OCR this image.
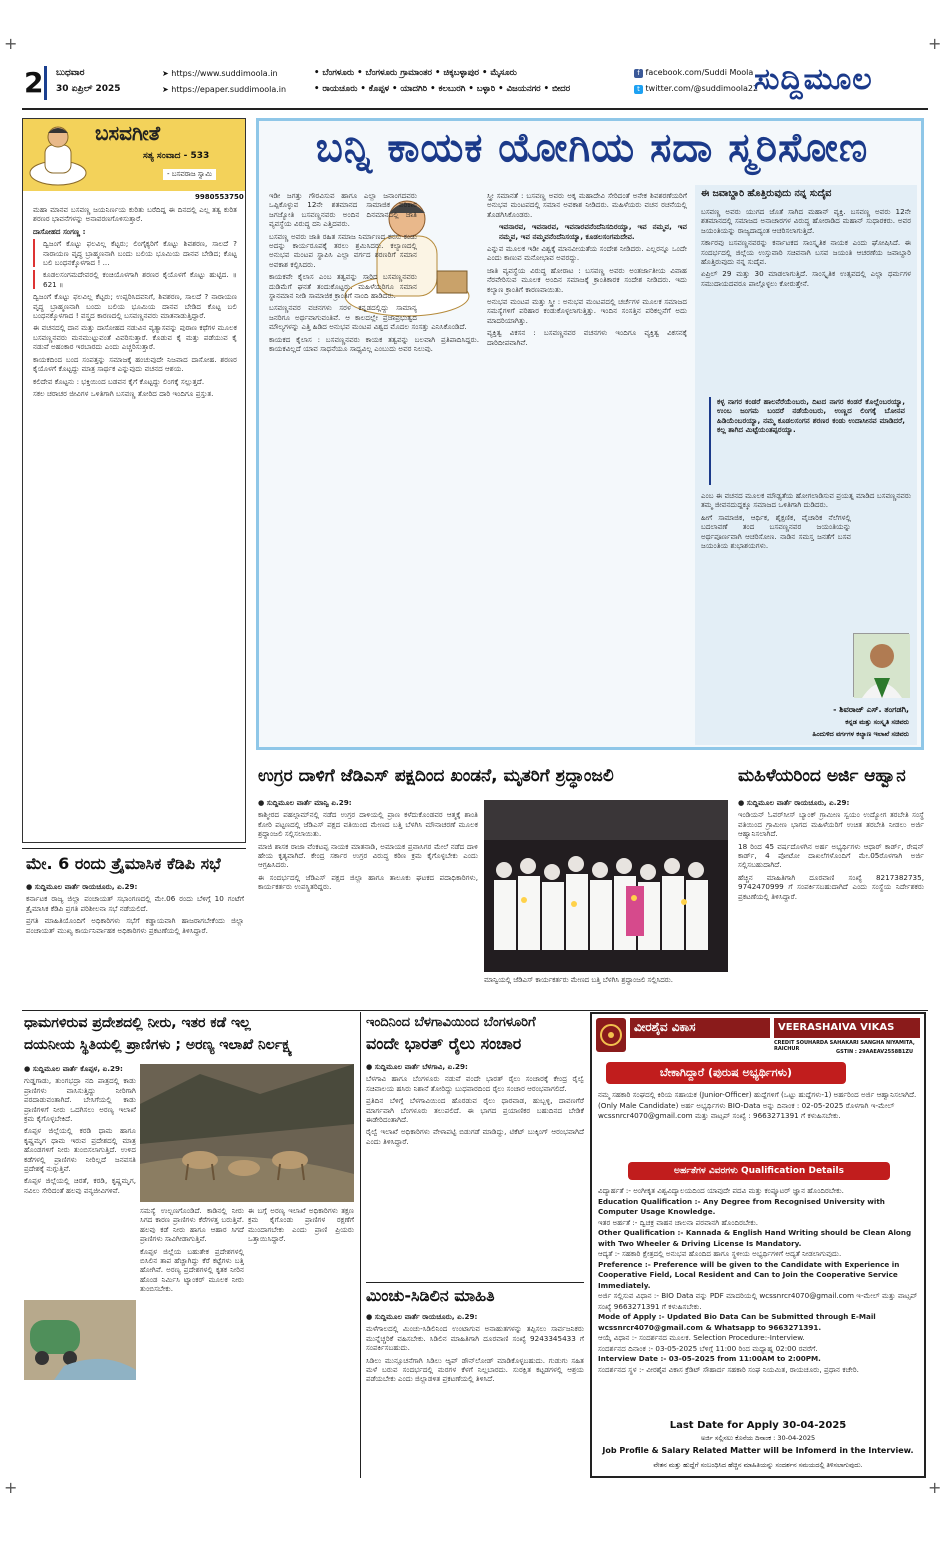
+	+
+	+
2 ಬುಧವಾರ
30 ಏಪ್ರಿಲ್ 2025
➤ https://www.suddimoola.in
➤ https://epaper.suddimoola.in
• ಬೆಂಗಳೂರು • ಬೆಂಗಳೂರು ಗ್ರಾಮಾಂತರ • ಚಿಕ್ಕಬಳ್ಳಾಪುರ • ಮೈಸೂರು
• ರಾಯಚೂರು • ಕೊಪ್ಪಳ • ಯಾದಗಿರಿ • ಕಲಬುರಗಿ • ಬಳ್ಳಾರಿ • ವಿಜಯನಗರ • ಬೀದರ
f facebook.com/Suddi Moola
t twitter.com/@suddimoola22
ಸುದ್ದಿಮೂಲ
ಬಸವಗೀತೆ
ಸತ್ಯ ಸಂವಾದ - 533
- ಬಸವರಾಜ ಸ್ವಾಮಿ
9980553750

ಮಹಾ ಮಾನವ ಬಸವಣ್ಣ ಜಯನಿರ್ಣಯ ಕುರಿತು ಬರೆದಿದ್ದ ಈ ದಿನದಲ್ಲಿ ಎಲ್ಲ ತತ್ವ ಕುರಿತ ಶರಣರ ಭಾವನೆಗಳನ್ನು ಅನಾವರಣಗೊಳಿಸುತ್ತಾರೆ.

ದಾಸೋಹದ ಸಂಗಣ್ಣ :

ದ್ವಿಜಂಗೆ ಕೊಟ್ಟು ಫಲವಿಲ್ಲ ಕೆಟ್ಟರು; ಲಿಂಗೈಕ್ಯರಿಗೆ ಕೊಟ್ಟು ಶಿವಶರಣ, ಸಾಲದೆ ? ನಾರಾಯಣ ವೃದ್ಧ ಬ್ರಾಹ್ಮಣನಾಗಿ ಬಂದು ಬಲಿಯ ಭೂಮಿಯ ದಾನವ ಬೇಡಿದ; ಕೊಟ್ಟ ಬಲಿ ಬಂಧನಕ್ಕೊಳಗಾದ ! ...

ಕೂಡಲಸಂಗಮದೇವರಲ್ಲಿ ಕಂಚಿಯೊಳಗಾಗಿ ಶರಣರ ಕೈಯೊಳಗೆ ಕೊಟ್ಟು ಹುಟ್ಟಿದ. ॥ 621 ॥

ದ್ವಿಜಂಗೆ ಕೊಟ್ಟು ಫಲವಿಲ್ಲ ಕೆಟ್ಟರು; ಉಪ್ಪರಿಸಿದವನಿಗೆ, ಶಿವಶರಣ, ಸಾಲದೆ ? ನಾರಾಯಣ ವೃದ್ಧ ಬ್ರಾಹ್ಮಣನಾಗಿ ಬಂದು ಬಲಿಯ ಭೂಮಿಯ ದಾನವ ಬೇಡಿದ ಕೊಟ್ಟ ಬಲಿ ಬಂಧನಕ್ಕೊಳಗಾದ ! ವಸ್ತ್ರದ ಕಾರಣದಲ್ಲಿ ಬಸವಣ್ಣನವರು ಮಾತನಾಡುತ್ತಿದ್ದಾರೆ.

ಈ ವಚನದಲ್ಲಿ ದಾನ ಮತ್ತು ದಾಸೋಹದ ನಡುವಿನ ವ್ಯತ್ಯಾಸವನ್ನು ಪುರಾಣ ಕಥೆಗಳ ಮೂಲಕ ಬಸವಣ್ಣನವರು ಮನಮುಟ್ಟುವಂತೆ ವಿವರಿಸುತ್ತಾರೆ. ಕೊಡುವ ಕೈ ಮತ್ತು ಪಡೆಯುವ ಕೈ ನಡುವೆ ಅಹಂಕಾರ ಇರಬಾರದು ಎಂದು ಎಚ್ಚರಿಸುತ್ತಾರೆ.

ಕಾಯಕದಿಂದ ಬಂದ ಸಂಪತ್ತನ್ನು ಸಮಾಜಕ್ಕೆ ಹಂಚುವುದೇ ನಿಜವಾದ ದಾಸೋಹ. ಶರಣರ ಕೈಯೊಳಗೆ ಕೊಟ್ಟದ್ದು ಮಾತ್ರ ಸಾರ್ಥಕ ಎನ್ನುವುದು ವಚನದ ಆಶಯ.

ಕಲಿದೇವ ಕೊಟ್ಟನು : ಭಕ್ತಿಯಿಂದ ಬಡವನ ಕೈಗೆ ಕೊಟ್ಟದ್ದು ಲಿಂಗಕ್ಕೆ ಸಲ್ಲುತ್ತದೆ.

ಸಕಲ ಚರಾಚರ ಜೀವಿಗಳ ಒಳಿತಿಗಾಗಿ ಬಸವಣ್ಣ ತೋರಿದ ದಾರಿ ಇಂದಿಗೂ ಪ್ರಸ್ತುತ.

ಬನ್ನಿ ಕಾಯಕ ಯೋಗಿಯ ಸದಾ ಸ್ಮರಿಸೋಣ

ಇಡೀ ಜಗತ್ತು ಗೌರವಿಸುವ ಹಾಗೂ ಎಲ್ಲಾ ಜನಾಂಗದವರು ಒಪ್ಪಿಕೊಳ್ಳುವ 12ನೇ ಶತಮಾನದ ಸಾಮಾಜಿಕ ಪರಿಕಾರ ಜಗಜ್ಯೋತಿ ಬಸವಣ್ಣನವರು ಅಂದಿನ ದಿನಮಾನದಲ್ಲಿ ಜಾತಿ ವ್ಯವಸ್ಥೆಯ ವಿರುದ್ಧ ದನಿ ಎತ್ತಿದವರು.

ಬಸವಣ್ಣ ಅವರು ಜಾತಿ ರಹಿತ ಸಮಾಜ ನಿರ್ಮಾಣದ ಕನಸು ಕಂಡು ಅದನ್ನು ಕಾರ್ಯರೂಪಕ್ಕೆ ತರಲು ಶ್ರಮಿಸಿದರು. ಕಲ್ಯಾಣದಲ್ಲಿ ಅನುಭವ ಮಂಟಪ ಸ್ಥಾಪಿಸಿ ಎಲ್ಲಾ ವರ್ಗದ ಶರಣರಿಗೆ ಸಮಾನ ಅವಕಾಶ ಕಲ್ಪಿಸಿದರು.

ಕಾಯಕವೇ ಕೈಲಾಸ ಎಂಬ ತತ್ವವನ್ನು ಸಾರಿದ ಬಸವಣ್ಣನವರು ದುಡಿಮೆಗೆ ಘನತೆ ತಂದುಕೊಟ್ಟರು. ಮಹಿಳೆಯರಿಗೂ ಸಮಾನ ಸ್ಥಾನಮಾನ ನೀಡಿ ಸಾಮಾಜಿಕ ಕ್ರಾಂತಿಗೆ ನಾಂದಿ ಹಾಡಿದರು.

ಬಸವಣ್ಣನವರ ವಚನಗಳು ಸರಳ ಕನ್ನಡದಲ್ಲಿದ್ದು ಸಾಮಾನ್ಯ ಜನರಿಗೂ ಅರ್ಥವಾಗುವಂತಿವೆ. ಆ ಕಾಲದಲ್ಲೇ ಪ್ರಜಾಪ್ರಭುತ್ವದ ಮೌಲ್ಯಗಳನ್ನು ಎತ್ತಿ ಹಿಡಿದ ಅನುಭವ ಮಂಟಪ ವಿಶ್ವದ ಮೊದಲ ಸಂಸತ್ತು ಎನಿಸಿಕೊಂಡಿದೆ.

ಕಾಯಕದ ಕೈಲಾಸ : ಬಸವಣ್ಣನವರು ಕಾಯಕ ತತ್ವವನ್ನು ಬಲವಾಗಿ ಪ್ರತಿಪಾದಿಸಿದ್ದರು. ಕಾಯಕವಿಲ್ಲದೆ ಯಾವ ಸಾಧನೆಯೂ ಸಾಧ್ಯವಿಲ್ಲ ಎಂಬುದು ಅವರ ನಿಲುವು.

ಸ್ತ್ರೀ ಸಮಾನತೆ : ಬಸವಣ್ಣ ಅವರು ಅಕ್ಕ ಮಹಾದೇವಿ ಸೇರಿದಂತೆ ಅನೇಕ ಶಿವಶರಣೆಯರಿಗೆ ಅನುಭವ ಮಂಟಪದಲ್ಲಿ ಸಮಾನ ಅವಕಾಶ ನೀಡಿದರು. ಮಹಿಳೆಯರು ವಚನ ರಚನೆಯಲ್ಲಿ ತೊಡಗಿಸಿಕೊಂಡರು.

ಇವನಾರವ, ಇವನಾರವ, ಇವನಾರವನೆಂದೆನಿಸದಿರಯ್ಯಾ, ಇವ ನಮ್ಮವ, ಇವ ನಮ್ಮವ, ಇವ ನಮ್ಮವನೆಂದೆನಿಸಯ್ಯಾ, ಕೂಡಲಸಂಗಮದೇವ.

ಎನ್ನುವ ಮೂಲಕ ಇಡೀ ವಿಶ್ವಕ್ಕೆ ಮಾನವೀಯತೆಯ ಸಂದೇಶ ನೀಡಿದರು. ಎಲ್ಲರನ್ನೂ ಒಂದೇ ಎಂದು ಕಾಣುವ ಮನೋಭಾವ ಅವರದ್ದು.

ಜಾತಿ ವ್ಯವಸ್ಥೆಯ ವಿರುದ್ಧ ಹೋರಾಟ : ಬಸವಣ್ಣ ಅವರು ಅಂತರ್ಜಾತೀಯ ವಿವಾಹ ನೆರವೇರಿಸುವ ಮೂಲಕ ಅಂದಿನ ಸಮಾಜಕ್ಕೆ ಕ್ರಾಂತಿಕಾರಕ ಸಂದೇಶ ನೀಡಿದರು. ಇದು ಕಲ್ಯಾಣ ಕ್ರಾಂತಿಗೆ ಕಾರಣವಾಯಿತು.

ಅನುಭವ ಮಂಟಪ ಮತ್ತು ಸ್ತ್ರೀ : ಅನುಭವ ಮಂಟಪದಲ್ಲಿ ಚರ್ಚೆಗಳ ಮೂಲಕ ಸಮಾಜದ ಸಮಸ್ಯೆಗಳಿಗೆ ಪರಿಹಾರ ಕಂಡುಕೊಳ್ಳಲಾಗುತ್ತಿತ್ತು. ಇಂದಿನ ಸಂಸತ್ತಿನ ಪರಿಕಲ್ಪನೆಗೆ ಅದು ಮಾದರಿಯಾಗಿತ್ತು.

ವ್ಯಕ್ತಿತ್ವ ವಿಕಸನ : ಬಸವಣ್ಣನವರ ವಚನಗಳು ಇಂದಿಗೂ ವ್ಯಕ್ತಿತ್ವ ವಿಕಸನಕ್ಕೆ ದಾರಿದೀಪವಾಗಿವೆ.

ಈ ಜವಾಬ್ದಾರಿ ಹೊತ್ತಿರುವುದು ನನ್ನ ಸುದೈವ

ಬಸವಣ್ಣ ಅವರು ಯುಗದ ಜೊತೆ ಸಾಗಿದ ಮಹಾನ್ ವ್ಯಕ್ತಿ. ಬಸವಣ್ಣ ಅವರು 12ನೇ ಶತಮಾನದಲ್ಲಿ ಸಮಾಜದ ಅನಾಚಾರಗಳ ವಿರುದ್ಧ ಹೋರಾಡಿದ ಮಹಾನ್ ಸುಧಾರಕರು. ಅವರ ಜಯಂತಿಯನ್ನು ರಾಜ್ಯದಾದ್ಯಂತ ಆಚರಿಸಲಾಗುತ್ತಿದೆ.

ಸರ್ಕಾರವು ಬಸವಣ್ಣನವರನ್ನು ಕರ್ನಾಟಕದ ಸಾಂಸ್ಕೃತಿಕ ನಾಯಕ ಎಂದು ಘೋಷಿಸಿದೆ. ಈ ಸಂದರ್ಭದಲ್ಲಿ ಜಿಲ್ಲೆಯ ಉಸ್ತುವಾರಿ ಸಚಿವನಾಗಿ ಬಸವ ಜಯಂತಿ ಆಚರಣೆಯ ಜವಾಬ್ದಾರಿ ಹೊತ್ತಿರುವುದು ನನ್ನ ಸುದೈವ.

ಏಪ್ರಿಲ್ 29 ಮತ್ತು 30 ಮಾಡಲಾಗುತ್ತಿದೆ. ಸಾಂಸ್ಕೃತಿಕ ಉತ್ಸವದಲ್ಲಿ ಎಲ್ಲಾ ಧರ್ಮಗಳ ಸಮುದಾಯದವರೂ ಪಾಲ್ಗೊಳ್ಳಲು ಕೋರುತ್ತೇನೆ.

ಕಳ್ಳ ನಾಗರ ಕಂಡರೆ ಹಾಲನೆರೆಯೆಂಬರು, ದಿಟದ ನಾಗರ ಕಂಡರೆ ಕೊಲ್ಲೆಂಬರಯ್ಯಾ, ಉಂಬ ಜಂಗಮ ಬಂದರೆ ನಡೆಯೆಂಬರು, ಉಣ್ಣದ ಲಿಂಗಕ್ಕೆ ಬೋನವ ಹಿಡಿಯೆಂಬರಯ್ಯಾ, ನಮ್ಮ ಕೂಡಲಸಂಗನ ಶರಣರ ಕಂಡು ಉದಾಸೀನವ ಮಾಡಿದರೆ, ಕಲ್ಲ ತಾಗಿದ ಮಿಟ್ಟೆಯಂತಪ್ಪರಯ್ಯಾ.

ಎಂಬ ಈ ವಚನದ ಮೂಲಕ ಮೌಢ್ಯತೆಯ ಹೋಗಲಾಡಿಸುವ ಪ್ರಯತ್ನ ಮಾಡಿದ ಬಸವಣ್ಣನವರು ತಮ್ಮ ಜೀವನದುದ್ದಕ್ಕೂ ಸಮಾಜದ ಒಳಿತಿಗಾಗಿ ದುಡಿದರು.

ಹೀಗೆ ಸಾಮಾಜಿಕ, ಆರ್ಥಿಕ, ಶೈಕ್ಷಣಿಕ, ವೈಚಾರಿಕ ನೆಲೆಗಳಲ್ಲಿ ಬದಲಾವಣೆ ತಂದ ಬಸವಣ್ಣನವರ ಜಯಂತಿಯನ್ನು ಅರ್ಥಪೂರ್ಣವಾಗಿ ಆಚರಿಸೋಣ. ನಾಡಿನ ಸಮಸ್ತ ಜನತೆಗೆ ಬಸವ ಜಯಂತಿಯ ಶುಭಾಶಯಗಳು.

- ಶಿವರಾಜ್ ಎಸ್. ತಂಗಡಗಿ,
ಕನ್ನಡ ಮತ್ತು ಸಂಸ್ಕೃತಿ ಸಚಿವರು
ಹಿಂದುಳಿದ ವರ್ಗಗಳ ಕಲ್ಯಾಣ ಇಲಾಖೆ ಸಚಿವರು
ಮೇ. 6 ರಂದು ತ್ರೈಮಾಸಿಕ ಕೆಡಿಪಿ ಸಭೆ

● ಸುದ್ದಿಮೂಲ ವಾರ್ತೆ ರಾಯಚೂರು, ಏ.29:

ಕರ್ನಾಟಕ ರಾಜ್ಯ ಜಿಲ್ಲಾ ಪಂಚಾಯತ್ ಸಭಾಂಗಣದಲ್ಲಿ ಮೇ.06 ರಂದು ಬೆಳಿಗ್ಗೆ 10 ಗಂಟೆಗೆ ತ್ರೈಮಾಸಿಕ ಕೆಡಿಪಿ ಪ್ರಗತಿ ಪರಿಶೀಲನಾ ಸಭೆ ನಡೆಯಲಿದೆ.

ಪ್ರಗತಿ ಮಾಹಿತಿಯೊಂದಿಗೆ ಅಧಿಕಾರಿಗಳು ಸಭೆಗೆ ಕಡ್ಡಾಯವಾಗಿ ಹಾಜರಾಗಬೇಕೆಂದು ಜಿಲ್ಲಾ ಪಂಚಾಯತ್ ಮುಖ್ಯ ಕಾರ್ಯನಿರ್ವಾಹಕ ಅಧಿಕಾರಿಗಳು ಪ್ರಕಟಣೆಯಲ್ಲಿ ತಿಳಿಸಿದ್ದಾರೆ.

ಉಗ್ರರ ದಾಳಿಗೆ ಜೆಡಿಎಸ್ ಪಕ್ಷದಿಂದ ಖಂಡನೆ, ಮೃತರಿಗೆ ಶ್ರದ್ಧಾಂಜಲಿ

● ಸುದ್ದಿಮೂಲ ವಾರ್ತೆ ಮಾನ್ವಿ ಏ.29:

ಕಾಶ್ಮೀರದ ಪಹಲ್ಗಾಮ್‌ನಲ್ಲಿ ನಡೆದ ಉಗ್ರರ ದಾಳಿಯಲ್ಲಿ ಪ್ರಾಣ ಕಳೆದುಕೊಂಡವರ ಆತ್ಮಕ್ಕೆ ಶಾಂತಿ ಕೋರಿ ಪಟ್ಟಣದಲ್ಲಿ ಜೆಡಿಎಸ್ ಪಕ್ಷದ ವತಿಯಿಂದ ಮೇಣದ ಬತ್ತಿ ಬೆಳಗಿಸಿ ಮೌನಾಚರಣೆ ಮೂಲಕ ಶ್ರದ್ಧಾಂಜಲಿ ಸಲ್ಲಿಸಲಾಯಿತು.

ಮಾಜಿ ಶಾಸಕ ರಾಜಾ ವೆಂಕಟಪ್ಪ ನಾಯಕ ಮಾತನಾಡಿ, ಅಮಾಯಕ ಪ್ರವಾಸಿಗರ ಮೇಲೆ ನಡೆದ ದಾಳಿ ಹೇಯ ಕೃತ್ಯವಾಗಿದೆ. ಕೇಂದ್ರ ಸರ್ಕಾರ ಉಗ್ರರ ವಿರುದ್ಧ ಕಠಿಣ ಕ್ರಮ ಕೈಗೊಳ್ಳಬೇಕು ಎಂದು ಆಗ್ರಹಿಸಿದರು.

ಈ ಸಂದರ್ಭದಲ್ಲಿ ಜೆಡಿಎಸ್ ಪಕ್ಷದ ಜಿಲ್ಲಾ ಹಾಗೂ ತಾಲೂಕು ಘಟಕದ ಪದಾಧಿಕಾರಿಗಳು, ಕಾರ್ಯಕರ್ತರು ಉಪಸ್ಥಿತರಿದ್ದರು.

ಮಾನ್ವಿಯಲ್ಲಿ ಜೆಡಿಎಸ್ ಕಾರ್ಯಕರ್ತರು ಮೇಣದ ಬತ್ತಿ ಬೆಳಗಿಸಿ ಶ್ರದ್ಧಾಂಜಲಿ ಸಲ್ಲಿಸಿದರು.
ಮಹಿಳೆಯರಿಂದ ಅರ್ಜಿ ಆಹ್ವಾನ

● ಸುದ್ದಿಮೂಲ ವಾರ್ತೆ ರಾಯಚೂರು, ಏ.29:

ಇಂಡಿಯನ್ ಓವರ್‌ಸೀಸ್ ಬ್ಯಾಂಕ್ ಗ್ರಾಮೀಣ ಸ್ವಯಂ ಉದ್ಯೋಗ ತರಬೇತಿ ಸಂಸ್ಥೆ ವತಿಯಿಂದ ಗ್ರಾಮೀಣ ಭಾಗದ ಮಹಿಳೆಯರಿಗೆ ಉಚಿತ ತರಬೇತಿ ನೀಡಲು ಅರ್ಜಿ ಆಹ್ವಾನಿಸಲಾಗಿದೆ.

18 ರಿಂದ 45 ವರ್ಷದೊಳಗಿನ ಅರ್ಹ ಅಭ್ಯರ್ಥಿಗಳು ಆಧಾರ್ ಕಾರ್ಡ್, ರೇಷನ್ ಕಾರ್ಡ್, 4 ಪೋಟೋ ದಾಖಲೆಗಳೊಂದಿಗೆ ಮೇ.05ರೊಳಗಾಗಿ ಅರ್ಜಿ ಸಲ್ಲಿಸಬಹುದಾಗಿದೆ.

ಹೆಚ್ಚಿನ ಮಾಹಿತಿಗಾಗಿ ದೂರವಾಣಿ ಸಂಖ್ಯೆ 8217382735, 9742470999 ಗೆ ಸಂಪರ್ಕಿಸಬಹುದಾಗಿದೆ ಎಂದು ಸಂಸ್ಥೆಯ ನಿರ್ದೇಶಕರು ಪ್ರಕಟಣೆಯಲ್ಲಿ ತಿಳಿಸಿದ್ದಾರೆ.

ಧಾಮಗಳಿರುವ ಪ್ರದೇಶದಲ್ಲಿ ನೀರು, ಇತರ ಕಡೆ ಇಲ್ಲ
ದಯನೀಯ ಸ್ಥಿತಿಯಲ್ಲಿ ಪ್ರಾಣಿಗಳು ; ಅರಣ್ಯ ಇಲಾಖೆ ನಿರ್ಲಕ್ಷ್ಯ

● ಸುದ್ದಿಮೂಲ ವಾರ್ತೆ ಕೊಪ್ಪಳ, ಏ.29:

ಗುಡ್ಡಗಾಡು, ತುಂಗಭದ್ರಾ ನದಿ ಪಾತ್ರದಲ್ಲಿ ಕಾಡು ಪ್ರಾಣಿಗಳು ವಾಸಿಸುತ್ತಿದ್ದು ನೀರಿಗಾಗಿ ಪರದಾಡುವಂತಾಗಿದೆ. ಬೇಸಿಗೆಯಲ್ಲಿ ಕಾಡು ಪ್ರಾಣಿಗಳಿಗೆ ನೀರು ಒದಗಿಸಲು ಅರಣ್ಯ ಇಲಾಖೆ ಕ್ರಮ ಕೈಗೊಳ್ಳಬೇಕಿದೆ.

ಕೊಪ್ಪಳ ಜಿಲ್ಲೆಯಲ್ಲಿ ಕರಡಿ ಧಾಮ ಹಾಗೂ ಕೃಷ್ಣಮೃಗ ಧಾಮ ಇರುವ ಪ್ರದೇಶದಲ್ಲಿ ಮಾತ್ರ ಹೊಂಡಗಳಿಗೆ ನೀರು ತುಂಬಿಸಲಾಗುತ್ತಿದೆ. ಉಳಿದ ಕಡೆಗಳಲ್ಲಿ ಪ್ರಾಣಿಗಳು ನೀರಿಲ್ಲದೆ ಜನವಸತಿ ಪ್ರದೇಶಕ್ಕೆ ನುಗ್ಗುತ್ತಿವೆ.

ಕೊಪ್ಪಳ ಜಿಲ್ಲೆಯಲ್ಲಿ ಚಿರತೆ, ಕರಡಿ, ಕೃಷ್ಣಮೃಗ, ನವಿಲು ಸೇರಿದಂತೆ ಹಲವು ವನ್ಯಜೀವಿಗಳಿವೆ.

ಸಮಸ್ಯೆ ಉಲ್ಬಣಗೊಂಡಿದೆ. ಕಾಡಿನಲ್ಲಿ ನೀರು ಸಿಗದ ಕಾರಣ ಪ್ರಾಣಿಗಳು ಕೆರೆಗಳತ್ತ ಬರುತ್ತಿವೆ. ಹಲವು ಕಡೆ ನೀರು ಹಾಗೂ ಆಹಾರ ಸಿಗದೆ ಪ್ರಾಣಿಗಳು ಸಾವಿಗೀಡಾಗುತ್ತಿವೆ.

ಕೊಪ್ಪಳ ಜಿಲ್ಲೆಯ ಬಹುತೇಕ ಪ್ರದೇಶಗಳಲ್ಲಿ ಬಿಸಿಲಿನ ತಾಪ ಹೆಚ್ಚಾಗಿದ್ದು ಕೆರೆ ಕಟ್ಟೆಗಳು ಬತ್ತಿ ಹೋಗಿವೆ. ಅರಣ್ಯ ಪ್ರದೇಶಗಳಲ್ಲಿ ಕೃತಕ ನೀರಿನ ಹೊಂಡ ನಿರ್ಮಿಸಿ ಟ್ಯಾಂಕರ್ ಮೂಲಕ ನೀರು ತುಂಬಿಸಬೇಕು.

ಈ ಬಗ್ಗೆ ಅರಣ್ಯ ಇಲಾಖೆ ಅಧಿಕಾರಿಗಳು ತಕ್ಷಣ ಕ್ರಮ ಕೈಗೊಂಡು ಪ್ರಾಣಿಗಳ ರಕ್ಷಣೆಗೆ ಮುಂದಾಗಬೇಕು ಎಂದು ಪ್ರಾಣಿ ಪ್ರಿಯರು ಒತ್ತಾಯಿಸಿದ್ದಾರೆ.

ಇಂದಿನಿಂದ ಬೆಳಗಾವಿಯಿಂದ ಬೆಂಗಳೂರಿಗೆ
ವಂದೇ ಭಾರತ್ ರೈಲು ಸಂಚಾರ

● ಸುದ್ದಿಮೂಲ ವಾರ್ತೆ ಬೆಳಗಾವಿ, ಏ.29:

ಬೆಳಗಾವಿ ಹಾಗೂ ಬೆಂಗಳೂರು ನಡುವೆ ವಂದೇ ಭಾರತ್ ರೈಲು ಸಂಚಾರಕ್ಕೆ ಕೇಂದ್ರ ರೈಲ್ವೆ ಸಚಿವಾಲಯ ಹಸಿರು ನಿಶಾನೆ ತೋರಿದ್ದು ಬುಧವಾರದಿಂದ ರೈಲು ಸಂಚಾರ ಆರಂಭವಾಗಲಿದೆ.

ಪ್ರತಿದಿನ ಬೆಳಿಗ್ಗೆ ಬೆಳಗಾವಿಯಿಂದ ಹೊರಡುವ ರೈಲು ಧಾರವಾಡ, ಹುಬ್ಬಳ್ಳಿ, ದಾವಣಗೆರೆ ಮಾರ್ಗವಾಗಿ ಬೆಂಗಳೂರು ತಲುಪಲಿದೆ. ಈ ಭಾಗದ ಪ್ರಯಾಣಿಕರ ಬಹುದಿನದ ಬೇಡಿಕೆ ಈಡೇರಿದಂತಾಗಿದೆ.

ರೈಲ್ವೆ ಇಲಾಖೆ ಅಧಿಕಾರಿಗಳು ವೇಳಾಪಟ್ಟಿ ಬಿಡುಗಡೆ ಮಾಡಿದ್ದು, ಟಿಕೆಟ್ ಬುಕ್ಕಿಂಗ್ ಆರಂಭವಾಗಿದೆ ಎಂದು ತಿಳಿಸಿದ್ದಾರೆ.

ಮಿಂಚು-ಸಿಡಿಲಿನ ಮಾಹಿತಿ

● ಸುದ್ದಿಮೂಲ ವಾರ್ತೆ ರಾಯಚೂರು, ಏ.29:

ಮಳೆಗಾಲದಲ್ಲಿ ಮಿಂಚು-ಸಿಡಿಲಿನಿಂದ ಉಂಟಾಗುವ ಅನಾಹುತಗಳನ್ನು ತಪ್ಪಿಸಲು ಸಾರ್ವಜನಿಕರು ಮುನ್ನೆಚ್ಚರಿಕೆ ವಹಿಸಬೇಕು. ಸಿಡಿಲಿನ ಮಾಹಿತಿಗಾಗಿ ದೂರವಾಣಿ ಸಂಖ್ಯೆ 9243345433 ಗೆ ಸಂಪರ್ಕಿಸಬಹುದು.

ಸಿಡಿಲು ಮುನ್ಸೂಚನೆಗಾಗಿ ಸಿಡಿಲು ಆ್ಯಪ್ ಡೌನ್‌ಲೋಡ್ ಮಾಡಿಕೊಳ್ಳಬಹುದು. ಗುಡುಗು ಸಹಿತ ಮಳೆ ಬರುವ ಸಂದರ್ಭದಲ್ಲಿ ಮರಗಳ ಕೆಳಗೆ ನಿಲ್ಲಬಾರದು. ಸುರಕ್ಷಿತ ಕಟ್ಟಡಗಳಲ್ಲಿ ಆಶ್ರಯ ಪಡೆಯಬೇಕು ಎಂದು ಜಿಲ್ಲಾಡಳಿತ ಪ್ರಕಟಣೆಯಲ್ಲಿ ತಿಳಿಸಿದೆ.

ವೀರಶೈವ ವಿಕಾಸ	VEERASHAIVA VIKAS
CREDIT SOUHARDA SAHAKARI SANGHA NIYAMITA, RAICHUR	GSTIN : 29AAEAV2558B1ZU
ಬೇಕಾಗಿದ್ದಾರೆ (ಪುರುಷ ಅಭ್ಯರ್ಥಿಗಳು)
ನಮ್ಮ ಸಹಕಾರಿ ಸಂಘದಲ್ಲಿ ಕಿರಿಯ ಸಹಾಯಕ (Junior-Officer) ಹುದ್ದೆಗಳಿಗೆ (ಒಟ್ಟು ಹುದ್ದೆಗಳು-1) ಅರ್ಹರಿಂದ ಅರ್ಜಿ ಆಹ್ವಾನಿಸಲಾಗಿದೆ. (Only Male Candidate) ಅರ್ಹ ಅಭ್ಯರ್ಥಿಗಳು BIO-Data ಅನ್ನು ದಿನಾಂಕ : 02-05-2025 ರೊಳಗಾಗಿ ಇ-ಮೇಲ್ wcssnrcr4070@gmail.com ಮತ್ತು ವಾಟ್ಸಪ್ ಸಂಖ್ಯೆ : 9663271391 ಗೆ ಕಳುಹಿಸಬೇಕು.
ಅರ್ಹತೆಗಳ ವಿವರಗಳು Qualification Details
ವಿದ್ಯಾರ್ಹತೆ :- ಅಂಗೀಕೃತ ವಿಶ್ವವಿದ್ಯಾಲಯದಿಂದ ಯಾವುದೇ ಪದವಿ ಮತ್ತು ಕಂಪ್ಯೂಟರ್ ಜ್ಞಾನ ಹೊಂದಿರಬೇಕು.
Education Qualification :- Any Degree from Recognised University with Computer Usage Knowledge.
ಇತರ ಅರ್ಹತೆ :- ದ್ವಿಚಕ್ರ ವಾಹನ ಚಾಲನಾ ಪರವಾನಗಿ ಹೊಂದಿರಬೇಕು.
Other Qualification :- Kannada & English Hand Writing should be Clean Along with Two Wheeler & Driving License Is Mandatory.
ಆದ್ಯತೆ :- ಸಹಕಾರಿ ಕ್ಷೇತ್ರದಲ್ಲಿ ಅನುಭವ ಹೊಂದಿದ ಹಾಗೂ ಸ್ಥಳೀಯ ಅಭ್ಯರ್ಥಿಗಳಿಗೆ ಆದ್ಯತೆ ನೀಡಲಾಗುವುದು.
Preference :- Preference will be given to the Candidate with Experience in Cooperative Field, Local Resident and Can to Join the Cooperative Service Immediately.
ಅರ್ಜಿ ಸಲ್ಲಿಸುವ ವಿಧಾನ :- BIO Data ವನ್ನು PDF ಮಾದರಿಯಲ್ಲಿ wcssnrcr4070@gmail.com ಇ-ಮೇಲ್ ಮತ್ತು ವಾಟ್ಸಪ್ ಸಂಖ್ಯೆ 9663271391 ಗೆ ಕಳುಹಿಸಬೇಕು.
Mode of Apply :- Updated Bio Data Can be Submitted through E-Mail wcssnrcr4070@gmail.com & Whatsapp to 9663271391.
ಆಯ್ಕೆ ವಿಧಾನ :- ಸಂದರ್ಶನದ ಮೂಲಕ. Selection Procedure:-Interview.
ಸಂದರ್ಶನದ ದಿನಾಂಕ :- 03-05-2025 ಬೆಳಿಗ್ಗೆ 11:00 ರಿಂದ ಮಧ್ಯಾಹ್ನ 02:00 ರವರೆಗೆ.
Interview Date :- 03-05-2025 from 11:00AM to 2:00PM.
ಸಂದರ್ಶನದ ಸ್ಥಳ :- ವೀರಶೈವ ವಿಕಾಸ ಕ್ರೆಡಿಟ್ ಸೌಹಾರ್ದ ಸಹಕಾರಿ ಸಂಘ ನಿಯಮಿತ, ರಾಯಚೂರು, ಪ್ರಧಾನ ಕಚೇರಿ.
Last Date for Apply 30-04-2025
ಅರ್ಜಿ ಸಲ್ಲಿಸಲು ಕೊನೆಯ ದಿನಾಂಕ : 30-04-2025
Job Profile & Salary Related Matter will be Infomerd in the Interview.
ವೇತನ ಮತ್ತು ಹುದ್ದೆಗೆ ಸಂಬಂಧಿಸಿದ ಹೆಚ್ಚಿನ ಮಾಹಿತಿಯನ್ನು ಸಂದರ್ಶನ ಸಮಯದಲ್ಲಿ ತಿಳಿಸಲಾಗುವುದು.
